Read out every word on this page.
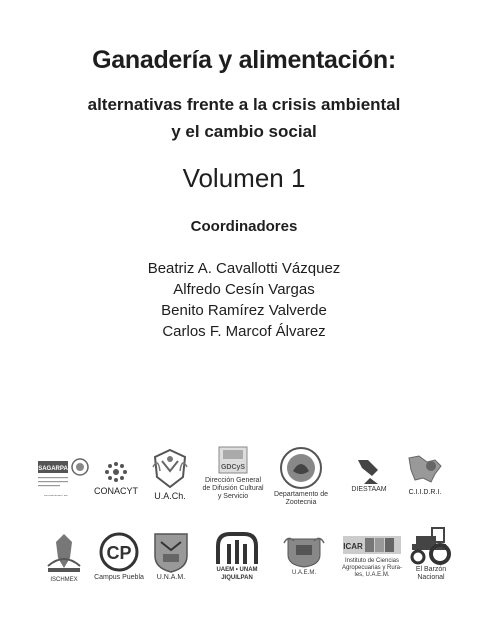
Ganadería y alimentación:
alternativas frente a la crisis ambiental
y el cambio social
Volumen 1
Coordinadores
Beatriz A. Cavallotti Vázquez
Alfredo Cesín Vargas
Benito Ramírez Valverde
Carlos F. Marcof Álvarez
SAGARPA
CONACYT	U.A.Ch.
GDCyS
Dirección General
de Difusión Cultural
y Servicio	Departamento de
Zootecnia
DIESTAAM	C.I.I.D.R.I.
ISCHMEX
CP
Campus Puebla	U.N.A.M.
UAEM • UNAM
JIQUILPAN
U.A.E.M.
ICAR
Instituto de Ciencias
Agropecuarias y Rura-
les, U.A.E.M.
El Barzón
Nacional
